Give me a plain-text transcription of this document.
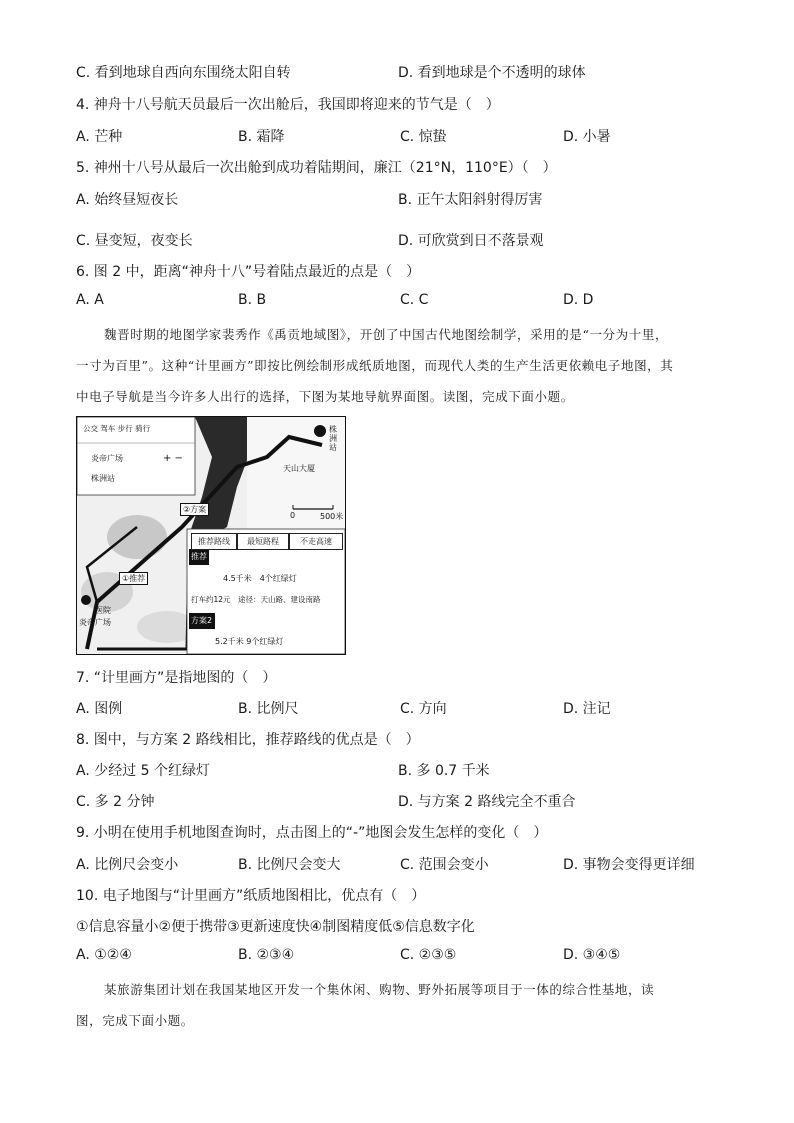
C. 看到地球自西向东围绕太阳自转	D. 看到地球是个不透明的球体
4. 神舟十八号航天员最后一次出舱后，我国即将迎来的节气是（　）
A. 芒种	B. 霜降	C. 惊蛰	D. 小暑
5. 神州十八号从最后一次出舱到成功着陆期间，廉江（21°N，110°E）（　）
A. 始终昼短夜长	B. 正午太阳斜射得厉害
C. 昼变短，夜变长	D. 可欣赏到日不落景观
6. 图 2 中，距离“神舟十八”号着陆点最近的点是（　）
A. A	B. B	C. C	D. D
魏晋时期的地图学家裴秀作《禹贡地域图》，开创了中国古代地图绘制学，采用的是“一分为十里，
一寸为百里”。这种“计里画方”即按比例绘制形成纸质地图，而现代人类的生产生活更依赖电子地图，其
中电子导航是当今许多人出行的选择，下图为某地导航界面图。读图，完成下面小题。
公交 驾车 步行 骑行
炎帝广场	+ −
株洲站
株洲站
天山大厦
0	500米
②方案
①推荐
医院
炎帝广场
推荐路线	最短路程	不走高速
推荐
4.5千米　4个红绿灯
打车约12元　途径：天山路、建设南路
方案2
5.2千米 9个红绿灯
7. “计里画方”是指地图的（　）
A. 图例	B. 比例尺	C. 方向	D. 注记
8. 图中，与方案 2 路线相比，推荐路线的优点是（　）
A. 少经过 5 个红绿灯	B. 多 0.7 千米
C. 多 2 分钟	D. 与方案 2 路线完全不重合
9. 小明在使用手机地图查询时，点击图上的“-”地图会发生怎样的变化（　）
A. 比例尺会变小	B. 比例尺会变大	C. 范围会变小	D. 事物会变得更详细
10. 电子地图与“计里画方”纸质地图相比，优点有（　）
①信息容量小②便于携带③更新速度快④制图精度低⑤信息数字化
A. ①②④	B. ②③④	C. ②③⑤	D. ③④⑤
某旅游集团计划在我国某地区开发一个集休闲、购物、野外拓展等项目于一体的综合性基地，读
图，完成下面小题。
